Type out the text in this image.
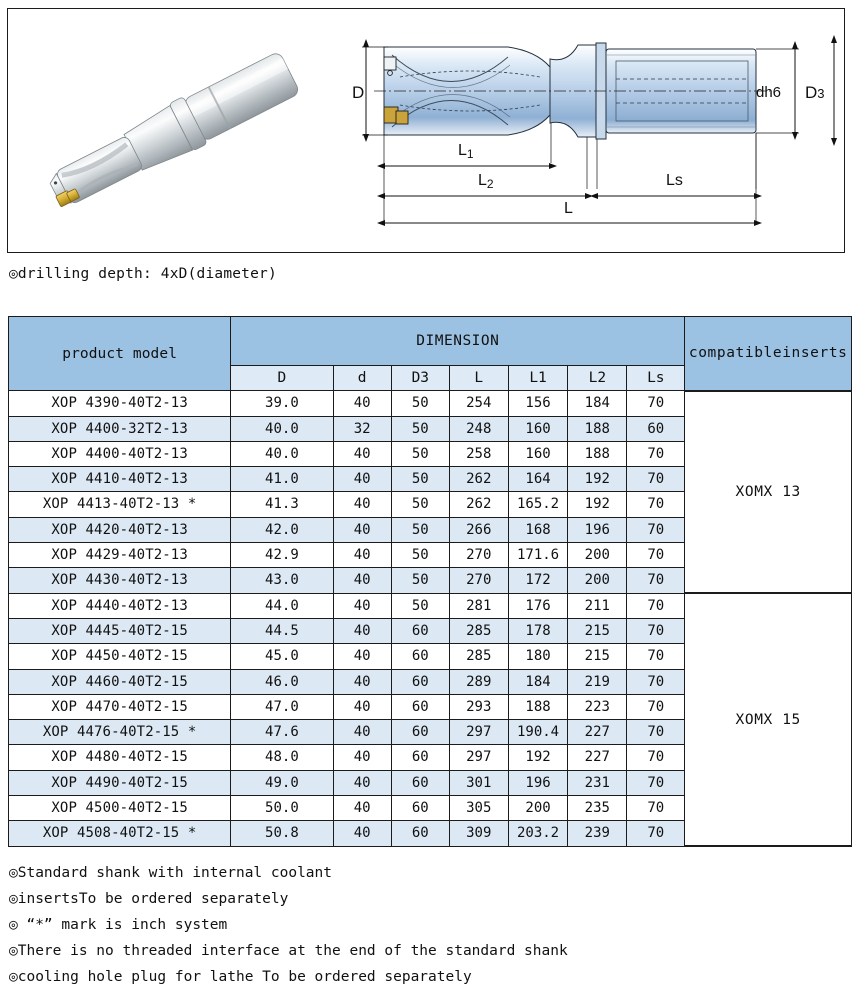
D	dh6 D3
L1
L2	Ls
L
◎drilling depth: 4xD(diameter)
product model	DIMENSION							compatibleinserts
	D	d	D3	L	L1	L2	Ls	
XOP 4390-40T2-13	39.0	40	50	254	156	184	70	XOMX 13
XOP 4400-32T2-13	40.0	32	50	248	160	188	60	
XOP 4400-40T2-13	40.0	40	50	258	160	188	70	
XOP 4410-40T2-13	41.0	40	50	262	164	192	70	
XOP 4413-40T2-13 *	41.3	40	50	262	165.2	192	70	
XOP 4420-40T2-13	42.0	40	50	266	168	196	70	
XOP 4429-40T2-13	42.9	40	50	270	171.6	200	70	
XOP 4430-40T2-13	43.0	40	50	270	172	200	70	
XOP 4440-40T2-13	44.0	40	50	281	176	211	70	XOMX 15
XOP 4445-40T2-15	44.5	40	60	285	178	215	70	
XOP 4450-40T2-15	45.0	40	60	285	180	215	70	
XOP 4460-40T2-15	46.0	40	60	289	184	219	70	
XOP 4470-40T2-15	47.0	40	60	293	188	223	70	
XOP 4476-40T2-15 *	47.6	40	60	297	190.4	227	70	
XOP 4480-40T2-15	48.0	40	60	297	192	227	70	
XOP 4490-40T2-15	49.0	40	60	301	196	231	70	
XOP 4500-40T2-15	50.0	40	60	305	200	235	70	
XOP 4508-40T2-15 *	50.8	40	60	309	203.2	239	70	
◎Standard shank with internal coolant
◎insertsTo be ordered separately
◎ “*” mark is inch system
◎There is no threaded interface at the end of the standard shank
◎cooling hole plug for lathe To be ordered separately
